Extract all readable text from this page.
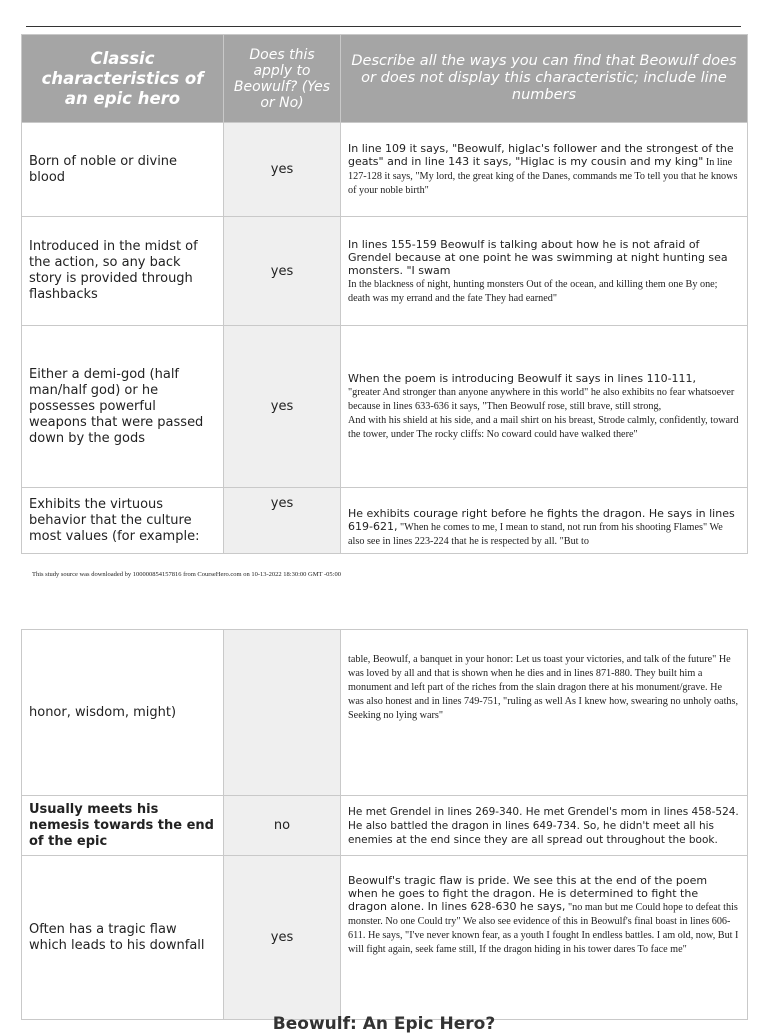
Classic characteristics of an epic hero	Does this apply to Beowulf? (Yes or No)	Describe all the ways you can find that Beowulf does or does not display this characteristic; include line numbers
Born of noble or divine blood	yes	In line 109 it says, "Beowulf, higlac's follower and the strongest of the geats" and in line 143 it says, "Higlac is my cousin and my king" In line 127-128 it says, "My lord, the great king of the Danes, commands me To tell you that he knows of your noble birth"
Introduced in the midst of the action, so any back story is provided through flashbacks	yes	In lines 155-159 Beowulf is talking about how he is not afraid of Grendel because at one point he was swimming at night hunting sea monsters. "I swam
In the blackness of night, hunting monsters Out of the ocean, and killing them one By one; death was my errand and the fate They had earned"
Either a demi-god (half man/half god) or he possesses powerful weapons that were passed down by the gods	yes	When the poem is introducing Beowulf it says in lines 110-111,
"greater And stronger than anyone anywhere in this world" he also exhibits no fear whatsoever because in lines 633-636 it says, "Then Beowulf rose, still brave, still strong,
And with his shield at his side, and a mail shirt on his breast, Strode calmly, confidently, toward the tower, under The rocky cliffs: No coward could have walked there"
Exhibits the virtuous behavior that the culture most values (for example:	yes	He exhibits courage right before he fights the dragon. He says in lines 619-621, "When he comes to me, I mean to stand, not run from his shooting Flames" We also see in lines 223-224 that he is respected by all. "But to
This study source was downloaded by 100000854157816 from CourseHero.com on 10-13-2022 18:30:00 GMT -05:00
honor, wisdom, might)		table, Beowulf, a banquet in your honor: Let us toast your victories, and talk of the future" He was loved by all and that is shown when he dies and in lines 871-880. They built him a monument and left part of the riches from the slain dragon there at his monument/grave. He was also honest and in lines 749-751, "ruling as well As I knew how, swearing no unholy oaths, Seeking no lying wars"
Usually meets his nemesis towards the end of the epic	no	He met Grendel in lines 269-340. He met Grendel's mom in lines 458-524. He also battled the dragon in lines 649-734. So, he didn't meet all his enemies at the end since they are all spread out throughout the book.
Often has a tragic flaw which leads to his downfall	yes	Beowulf's tragic flaw is pride. We see this at the end of the poem when he goes to fight the dragon. He is determined to fight the dragon alone. In lines 628-630 he says, "no man but me Could hope to defeat this monster. No one Could try" We also see evidence of this in Beowulf's final boast in lines 606-611. He says, "I've never known fear, as a youth I fought In endless battles. I am old, now, But I will fight again, seek fame still, If the dragon hiding in his tower dares To face me"
Beowulf: An Epic Hero?
